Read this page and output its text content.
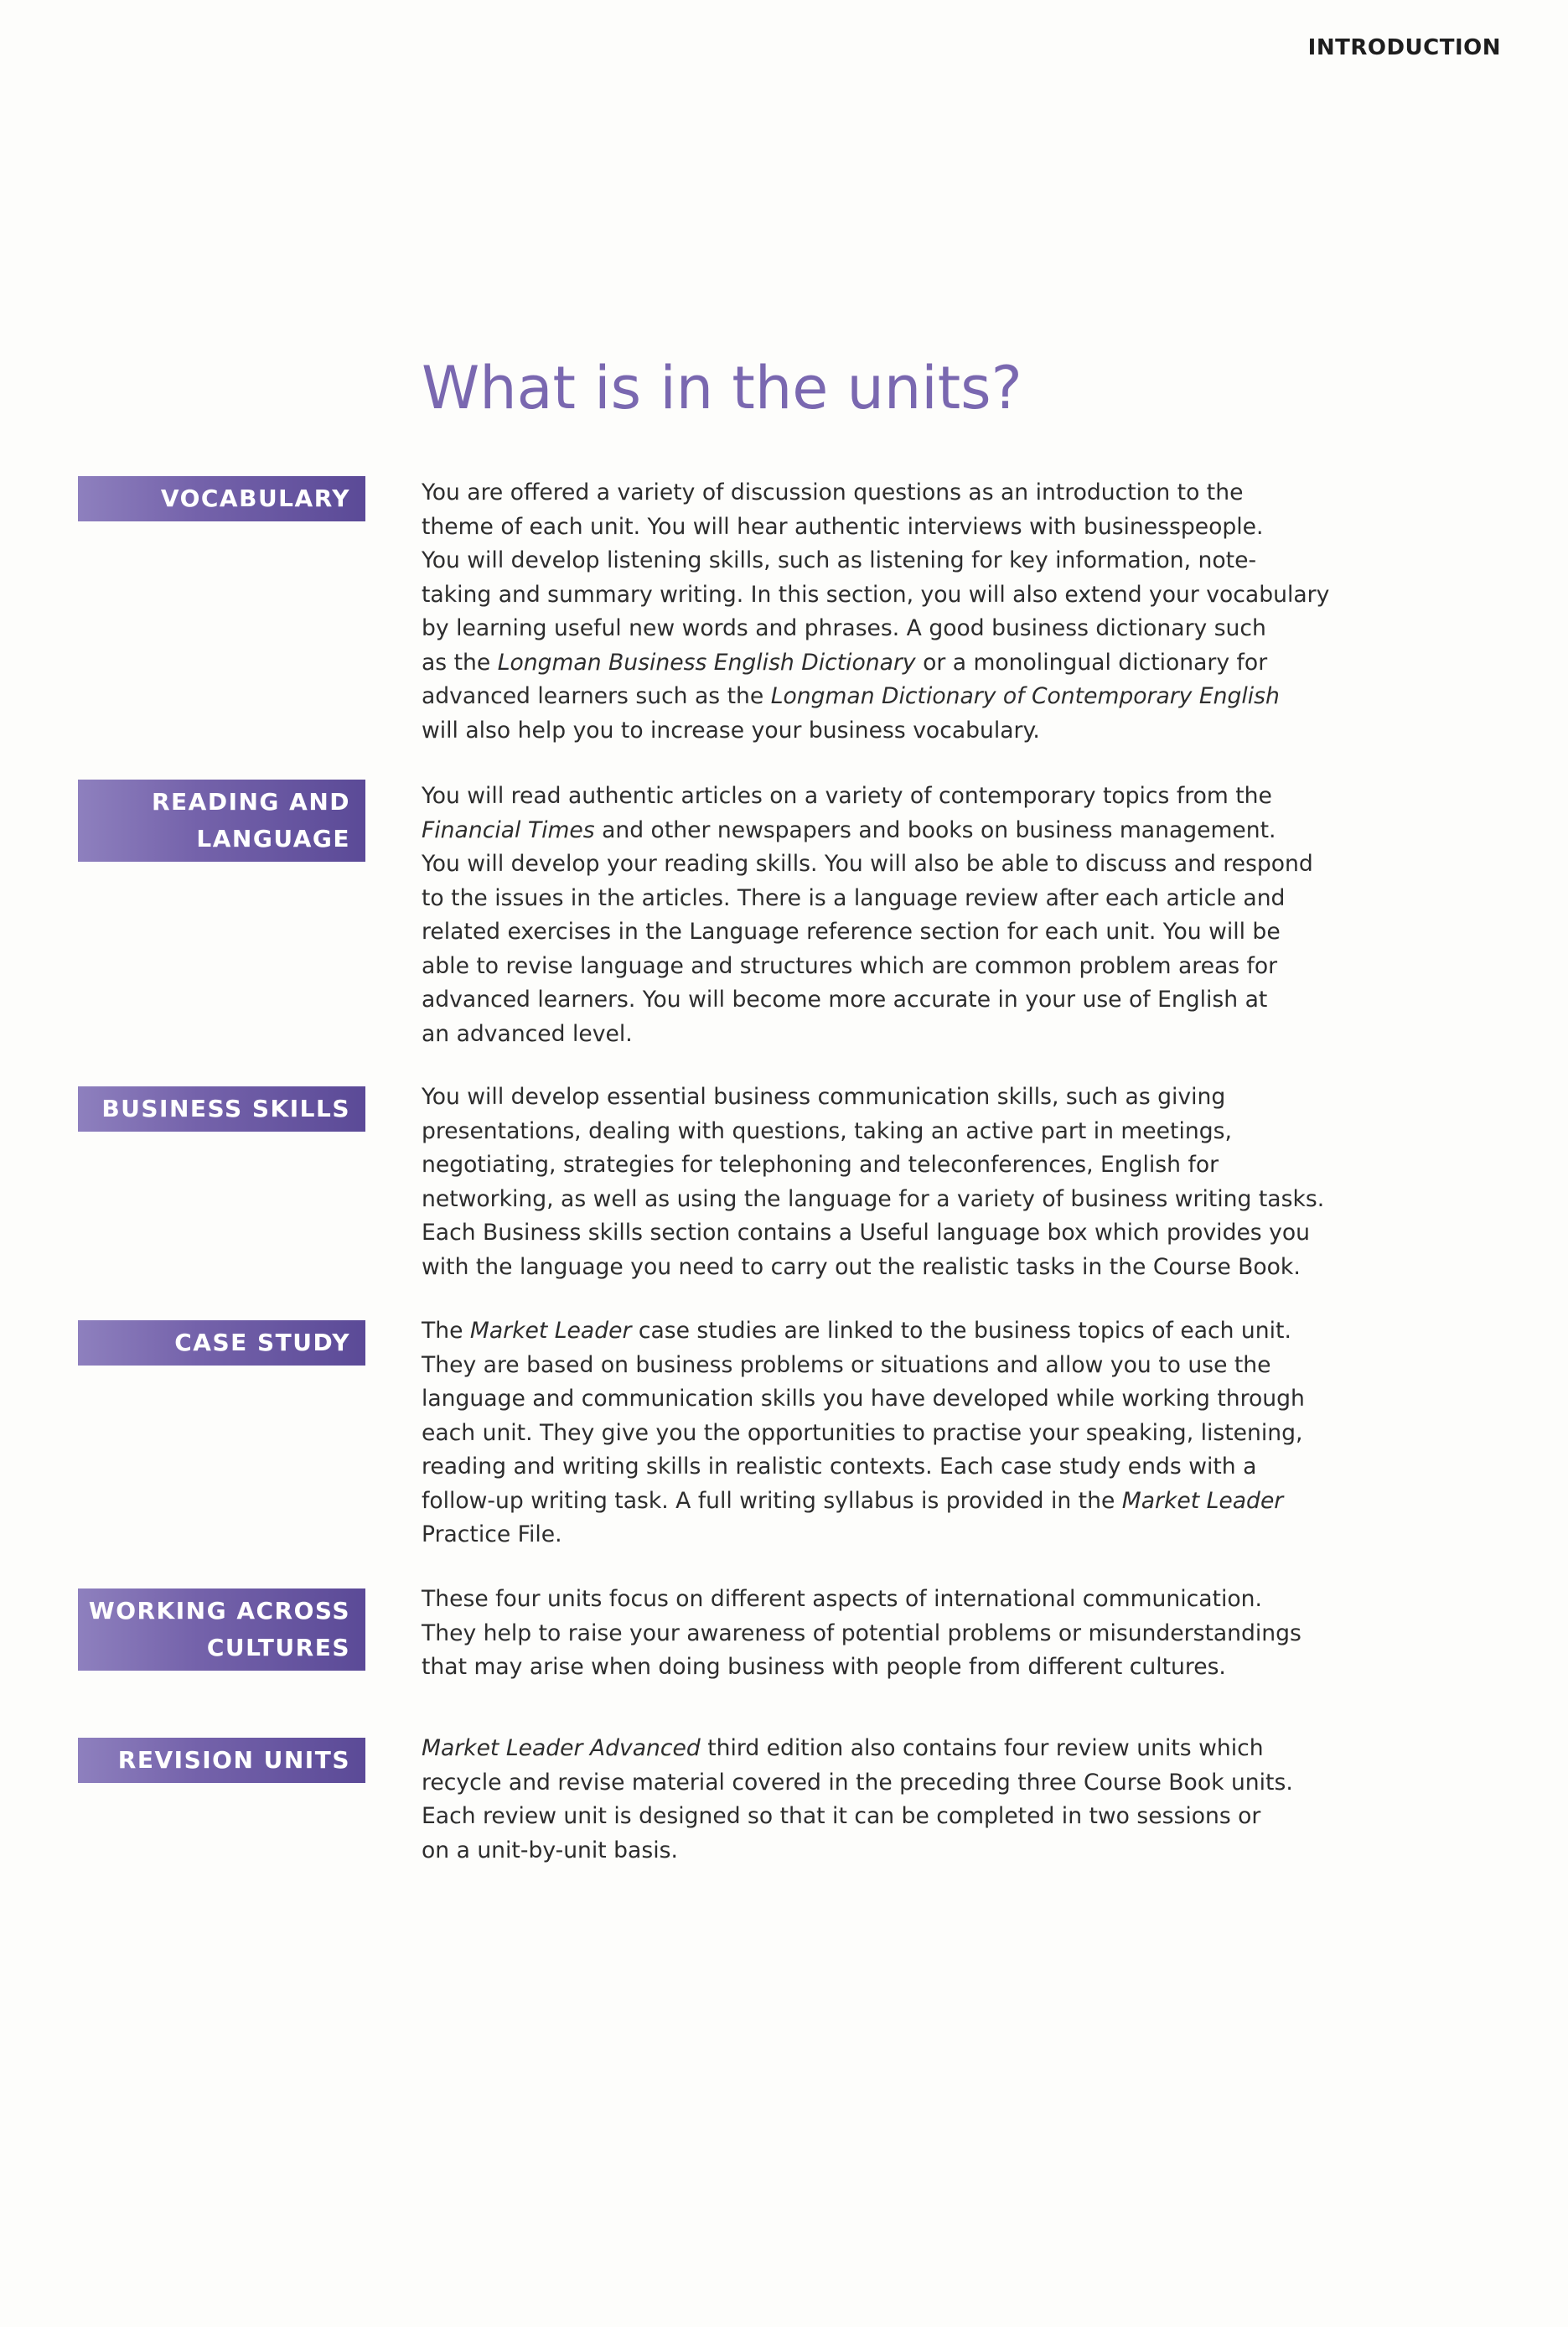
INTRODUCTION
What is in the units?
VOCABULARY	You are offered a variety of discussion questions as an introduction to the
theme of each unit. You will hear authentic interviews with businesspeople.
You will develop listening skills, such as listening for key information, note-
taking and summary writing. In this section, you will also extend your vocabulary
by learning useful new words and phrases. A good business dictionary such
as the Longman Business English Dictionary or a monolingual dictionary for
advanced learners such as the Longman Dictionary of Contemporary English
will also help you to increase your business vocabulary.

READING AND
LANGUAGE

You will read authentic articles on a variety of contemporary topics from the
Financial Times and other newspapers and books on business management.
You will develop your reading skills. You will also be able to discuss and respond
to the issues in the articles. There is a language review after each article and
related exercises in the Language reference section for each unit. You will be
able to revise language and structures which are common problem areas for
advanced learners. You will become more accurate in your use of English at
an advanced level.

BUSINESS SKILLS	You will develop essential business communication skills, such as giving
presentations, dealing with questions, taking an active part in meetings,
negotiating, strategies for telephoning and teleconferences, English for
networking, as well as using the language for a variety of business writing tasks.
Each Business skills section contains a Useful language box which provides you
with the language you need to carry out the realistic tasks in the Course Book.

CASE STUDY	The Market Leader case studies are linked to the business topics of each unit.
They are based on business problems or situations and allow you to use the
language and communication skills you have developed while working through
each unit. They give you the opportunities to practise your speaking, listening,
reading and writing skills in realistic contexts. Each case study ends with a
follow-up writing task. A full writing syllabus is provided in the Market Leader
Practice File.

WORKING ACROSS
CULTURES

These four units focus on different aspects of international communication.
They help to raise your awareness of potential problems or misunderstandings
that may arise when doing business with people from different cultures.

REVISION UNITS	Market Leader Advanced third edition also contains four review units which
recycle and revise material covered in the preceding three Course Book units.
Each review unit is designed so that it can be completed in two sessions or
on a unit-by-unit basis.
